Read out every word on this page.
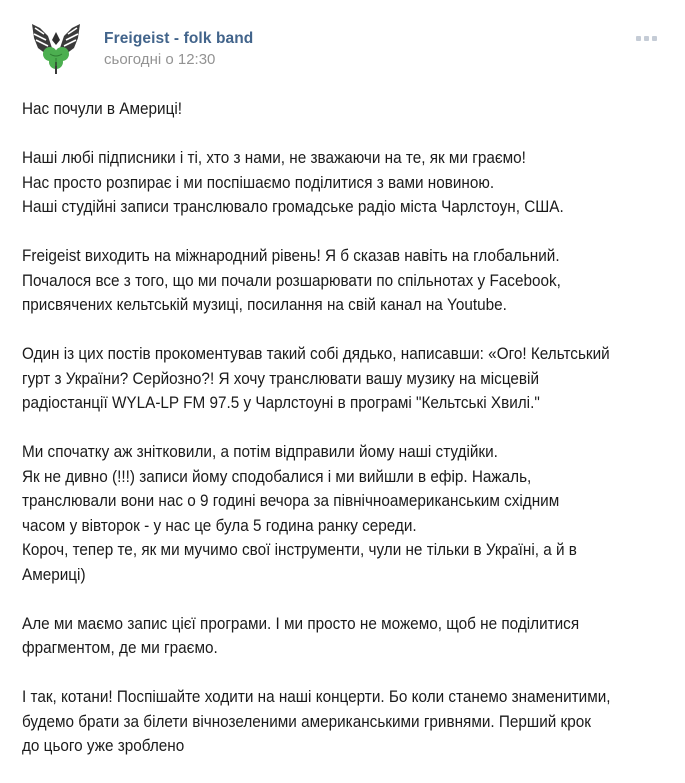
Freigeist - folk band
сьогодні о 12:30

Нас почули в Америці!

Наші любі підписники і ті, хто з нами, не зважаючи на те, як ми граємо!
Нас просто розпирає і ми поспішаємо поділитися з вами новиною.
Наші студійні записи транслювало громадське радіо міста Чарлстоун, США.

Freigeist виходить на міжнародний рівень! Я б сказав навіть на глобальний.
Почалося все з того, що ми почали розшарювати по спільнотах у Facebook,
присвячених кельтській музиці, посилання на свій канал на Youtube.

Один із цих постів прокоментував такий собі дядько, написавши: «Ого! Кельтський
гурт з України? Серйозно?! Я хочу транслювати вашу музику на місцевій
радіостанції WYLA-LP FM 97.5 у Чарлстоуні в програмі "Кельтські Хвилі."

Ми спочатку аж знітковили, а потім відправили йому наші студійки.
Як не дивно (!!!) записи йому сподобалися і ми вийшли в ефір. Нажаль,
транслювали вони нас о 9 годині вечора за північноамериканським східним
часом у вівторок - у нас це була 5 година ранку середи.
Короч, тепер те, як ми мучимо свої інструменти, чули не тільки в Україні, а й в
Америці)

Але ми маємо запис цієї програми. І ми просто не можемо, щоб не поділитися
фрагментом, де ми граємо.

І так, котани! Поспішайте ходити на наші концерти. Бо коли станемо знаменитими,
будемо брати за білети вічнозеленими американськими гривнями. Перший крок
до цього уже зроблено
